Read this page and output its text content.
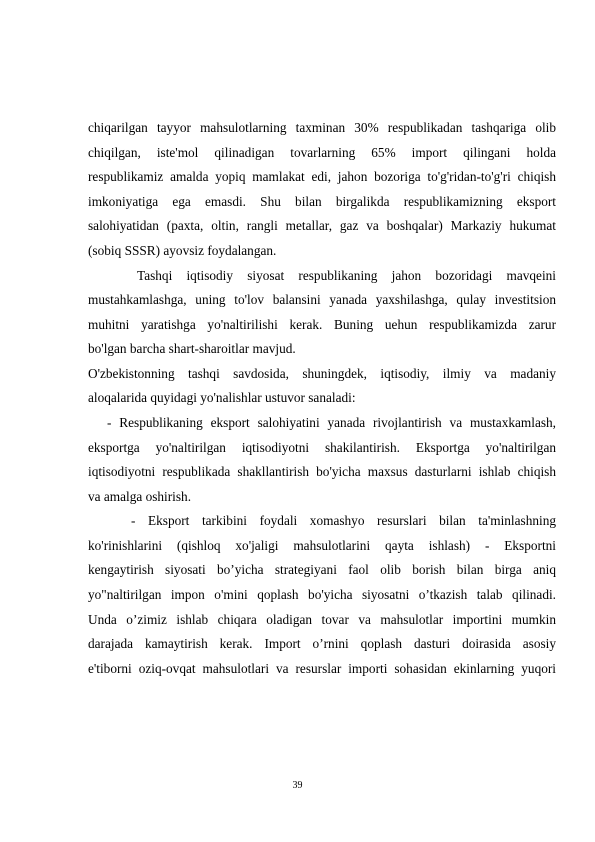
chiqarilgan tayyor mahsulotlarning taxminan 30% respublikadan tashqariga olib
chiqilgan, iste'mol qilinadigan tovarlarning 65% import qilingani holda
respublikamiz amalda yopiq mamlakat edi, jahon bozoriga to'g'ridan-to'g'ri chiqish
imkoniyatiga ega emasdi. Shu bilan birgalikda respublikamizning eksport
salohiyatidan (paxta, oltin, rangli metallar, gaz va boshqalar) Markaziy hukumat
(sobiq SSSR) ayovsiz foydalangan.
Tashqi iqtisodiy siyosat respublikaning jahon bozoridagi mavqeini
mustahkamlashga, uning to'lov balansini yanada yaxshilashga, qulay investitsion
muhitni yaratishga yo'naltirilishi kerak. Buning uehun respublikamizda zarur
bo'lgan barcha shart-sharoitlar mavjud.
O'zbekistonning tashqi savdosida, shuningdek, iqtisodiy, ilmiy va madaniy
aloqalarida quyidagi yo'nalishlar ustuvor sanaladi:
- Respublikaning eksport salohiyatini yanada rivojlantirish va mustaxkamlash,
eksportga yo'naltirilgan iqtisodiyotni shakilantirish. Eksportga yo'naltirilgan
iqtisodiyotni respublikada shakllantirish bo'yicha maxsus dasturlarni ishlab chiqish
va amalga oshirish.
- Eksport tarkibini foydali xomashyo resurslari bilan ta'minlashning
ko'rinishlarini (qishloq xo'jaligi mahsulotlarini qayta ishlash) - Eksportni
kengaytirish siyosati bo’yicha strategiyani faol olib borish bilan birga aniq
yo"naltirilgan impon o'mini qoplash bo'yicha siyosatni o’tkazish talab qilinadi.
Unda o’zimiz ishlab chiqara oladigan tovar va mahsulotlar importini mumkin
darajada kamaytirish kerak. Import o’rnini qoplash dasturi doirasida asosiy
e'tiborni oziq-ovqat mahsulotlari va resurslar importi sohasidan ekinlarning yuqori
39
